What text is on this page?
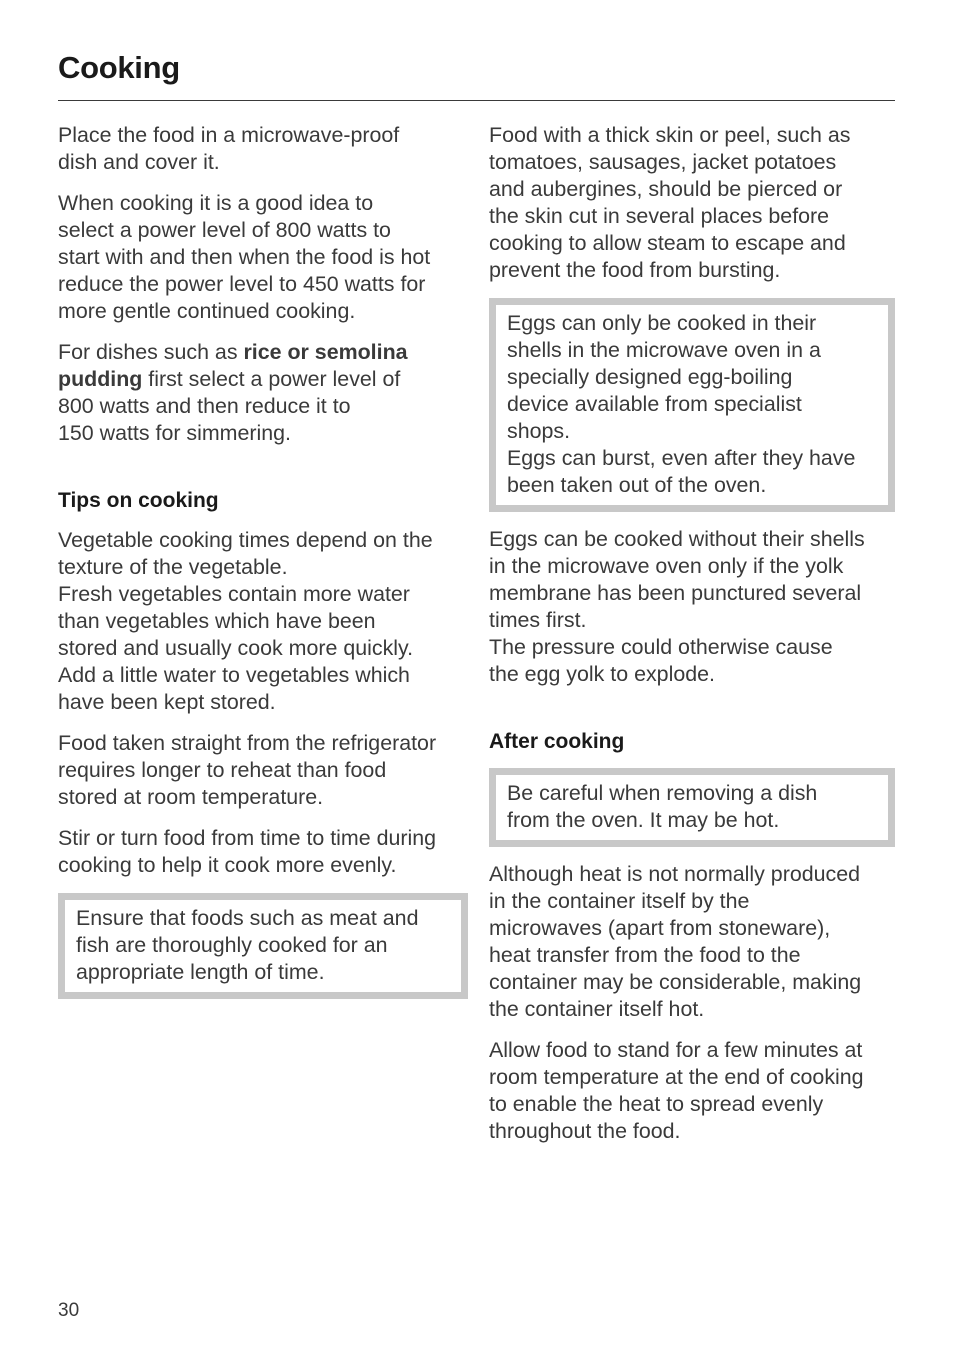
Cooking

Place the food in a microwave-proof
dish and cover it.

When cooking it is a good idea to
select a power level of 800 watts to
start with and then when the food is hot
reduce the power level to 450 watts for
more gentle continued cooking.

For dishes such as rice or semolina
pudding first select a power level of
800 watts and then reduce it to
150 watts for simmering.

Tips on cooking

Vegetable cooking times depend on the
texture of the vegetable.
Fresh vegetables contain more water
than vegetables which have been
stored and usually cook more quickly.
Add a little water to vegetables which
have been kept stored.

Food taken straight from the refrigerator
requires longer to reheat than food
stored at room temperature.

Stir or turn food from time to time during
cooking to help it cook more evenly.

Ensure that foods such as meat and
fish are thoroughly cooked for an
appropriate length of time.

Food with a thick skin or peel, such as
tomatoes, sausages, jacket potatoes
and aubergines, should be pierced or
the skin cut in several places before
cooking to allow steam to escape and
prevent the food from bursting.

Eggs can only be cooked in their
shells in the microwave oven in a
specially designed egg-boiling
device available from specialist
shops.
Eggs can burst, even after they have
been taken out of the oven.

Eggs can be cooked without their shells
in the microwave oven only if the yolk
membrane has been punctured several
times first.
The pressure could otherwise cause
the egg yolk to explode.

After cooking
Be careful when removing a dish
from the oven. It may be hot.

Although heat is not normally produced
in the container itself by the
microwaves (apart from stoneware),
heat transfer from the food to the
container may be considerable, making
the container itself hot.

Allow food to stand for a few minutes at
room temperature at the end of cooking
to enable the heat to spread evenly
throughout the food.

30
